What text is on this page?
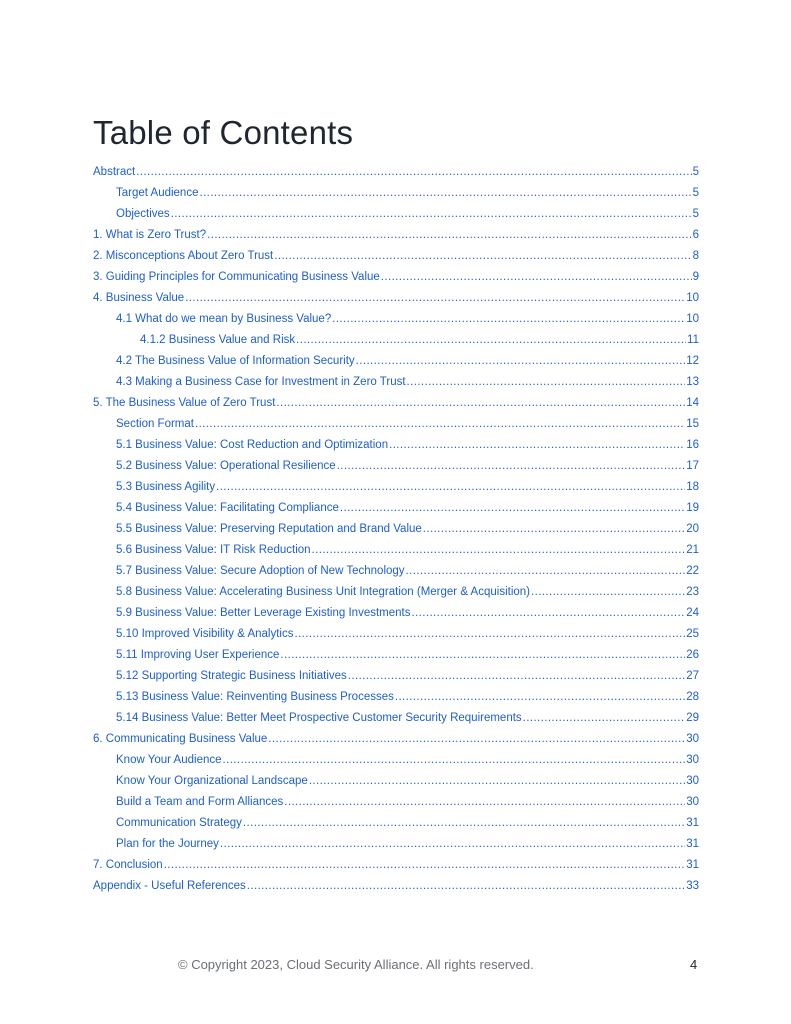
Table of Contents
Abstract .....	5
Target Audience .....	5
Objectives .....	5
1. What is Zero Trust? .....	6
2. Misconceptions About Zero Trust .....	8
3. Guiding Principles for Communicating Business Value .....	9
4. Business Value .....	10
4.1 What do we mean by Business Value? .....	10
4.1.2 Business Value and Risk .....	11
4.2 The Business Value of Information Security .....	12
4.3 Making a Business Case for Investment in Zero Trust .....	13
5. The Business Value of Zero Trust .....	14
Section Format .....	15
5.1 Business Value: Cost Reduction and Optimization .....	16
5.2 Business Value: Operational Resilience .....	17
5.3 Business Agility .....	18
5.4 Business Value: Facilitating Compliance .....	19
5.5 Business Value: Preserving Reputation and Brand Value .....	20
5.6 Business Value: IT Risk Reduction .....	21
5.7 Business Value: Secure Adoption of New Technology .....	22
5.8 Business Value: Accelerating Business Unit Integration (Merger & Acquisition) .....	23
5.9 Business Value: Better Leverage Existing Investments .....	24
5.10 Improved Visibility & Analytics .....	25
5.11 Improving User Experience .....	26
5.12 Supporting Strategic Business Initiatives .....	27
5.13 Business Value: Reinventing Business Processes .....	28
5.14 Business Value: Better Meet Prospective Customer Security Requirements .....	29
6. Communicating Business Value .....	30
Know Your Audience .....	30
Know Your Organizational Landscape .....	30
Build a Team and Form Alliances .....	30
Communication Strategy .....	31
Plan for the Journey .....	31
7. Conclusion .....	31
Appendix - Useful References .....	33
© Copyright 2023, Cloud Security Alliance. All rights reserved.	4
